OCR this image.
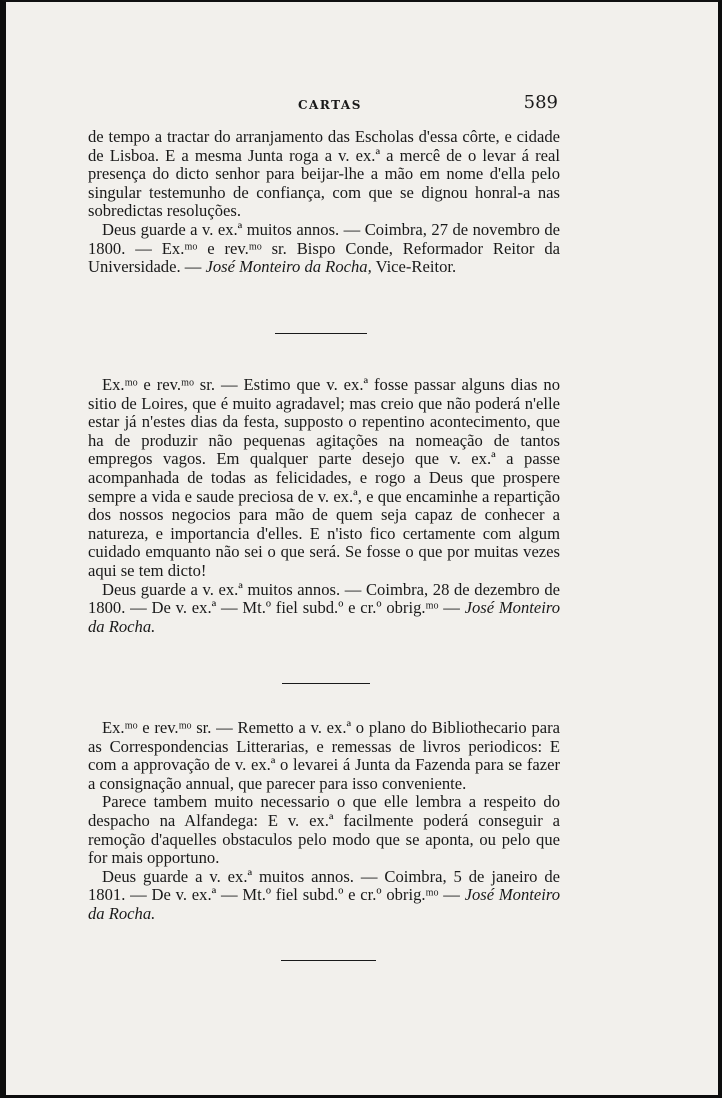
CARTAS	589

de tempo a tractar do arranjamento das Escholas d'essa côrte, e cidade de Lisboa. E a mesma Junta roga a v. ex.ª a mercê de o levar á real presença do dicto senhor para beijar-lhe a mão em nome d'ella pelo singular testemunho de confiança, com que se dignou honral-a nas sobredictas resoluções.

Deus guarde a v. ex.ª muitos annos. — Coimbra, 27 de novembro de 1800. — Ex.ᵐᵒ e rev.ᵐᵒ sr. Bispo Conde, Reformador Reitor da Universidade. — José Monteiro da Rocha, Vice-Reitor.

Ex.ᵐᵒ e rev.ᵐᵒ sr. — Estimo que v. ex.ª fosse passar alguns dias no sitio de Loires, que é muito agradavel; mas creio que não poderá n'elle estar já n'estes dias da festa, supposto o repentino acontecimento, que ha de produzir não pequenas agitações na nomeação de tantos empregos vagos. Em qualquer parte desejo que v. ex.ª a passe acompanhada de todas as felicidades, e rogo a Deus que prospere sempre a vida e saude preciosa de v. ex.ª, e que encaminhe a repartição dos nossos negocios para mão de quem seja capaz de conhecer a natureza, e importancia d'elles. E n'isto fico certamente com algum cuidado emquanto não sei o que será. Se fosse o que por muitas vezes aqui se tem dicto!

Deus guarde a v. ex.ª muitos annos. — Coimbra, 28 de dezembro de 1800. — De v. ex.ª — Mt.º fiel subd.º e cr.º obrig.ᵐᵒ — José Monteiro da Rocha.

Ex.ᵐᵒ e rev.ᵐᵒ sr. — Remetto a v. ex.ª o plano do Bibliothecario para as Correspondencias Litterarias, e remessas de livros periodicos: E com a approvação de v. ex.ª o levarei á Junta da Fazenda para se fazer a consignação annual, que parecer para isso conveniente.

Parece tambem muito necessario o que elle lembra a respeito do despacho na Alfandega: E v. ex.ª facilmente poderá conseguir a remoção d'aquelles obstaculos pelo modo que se aponta, ou pelo que for mais opportuno.

Deus guarde a v. ex.ª muitos annos. — Coimbra, 5 de janeiro de 1801. — De v. ex.ª — Mt.º fiel subd.º e cr.º obrig.ᵐᵒ — José Monteiro da Rocha.
